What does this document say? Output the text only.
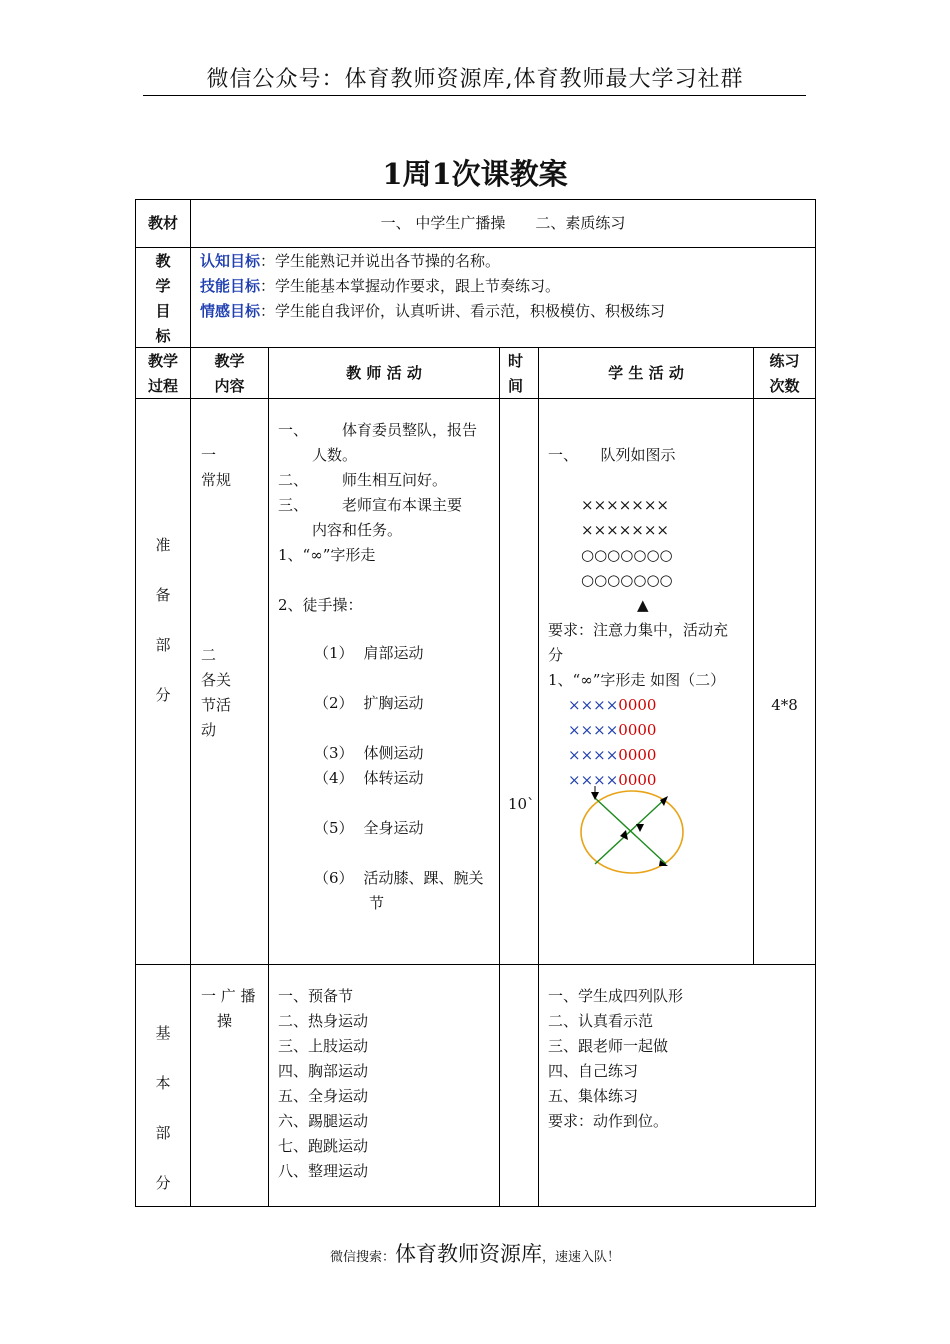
微信公众号：体育教师资源库,体育教师最大学习社群
1周1次课教案
教材	一、 中学生广播操　　二、素质练习
教
学
目
标
认知目标：学生能熟记并说出各节操的名称。
技能目标：学生能基本掌握动作要求，跟上节奏练习。
情感目标：学生能自我评价，认真听讲、看示范，积极模仿、积极练习
教学
过程
教学
内容
教 师 活 动
时
间
学 生 活 动
练习
次数
准
备
部
分
一
常规
二
各关
节活
动
一、 体育委员整队，报告
人数。
二、 师生相互问好。
三、 老师宣布本课主要
内容和任务。
1、“∞”字形走
2、徒手操：
（1） 肩部运动
（2） 扩胸运动
（3） 体侧运动
（4） 体转运动
（5） 全身运动
（6） 活动膝、踝、腕关
节
10`
一、　　队列如图示
×××××××
×××××××
○○○○○○○
○○○○○○○
▲
要求：注意力集中，活动充
分
1、“∞”字形走 如图（二）
××××0000
××××0000
××××0000
××××0000
4*8
基
本
部
分
一 广 播
操
一、预备节
二、热身运动
三、上肢运动
四、胸部运动
五、全身运动
六、踢腿运动
七、跑跳运动
八、整理运动
一、学生成四列队形
二、认真看示范
三、跟老师一起做
四、自己练习
五、集体练习
要求：动作到位。
微信搜索：体育教师资源库，速速入队！
